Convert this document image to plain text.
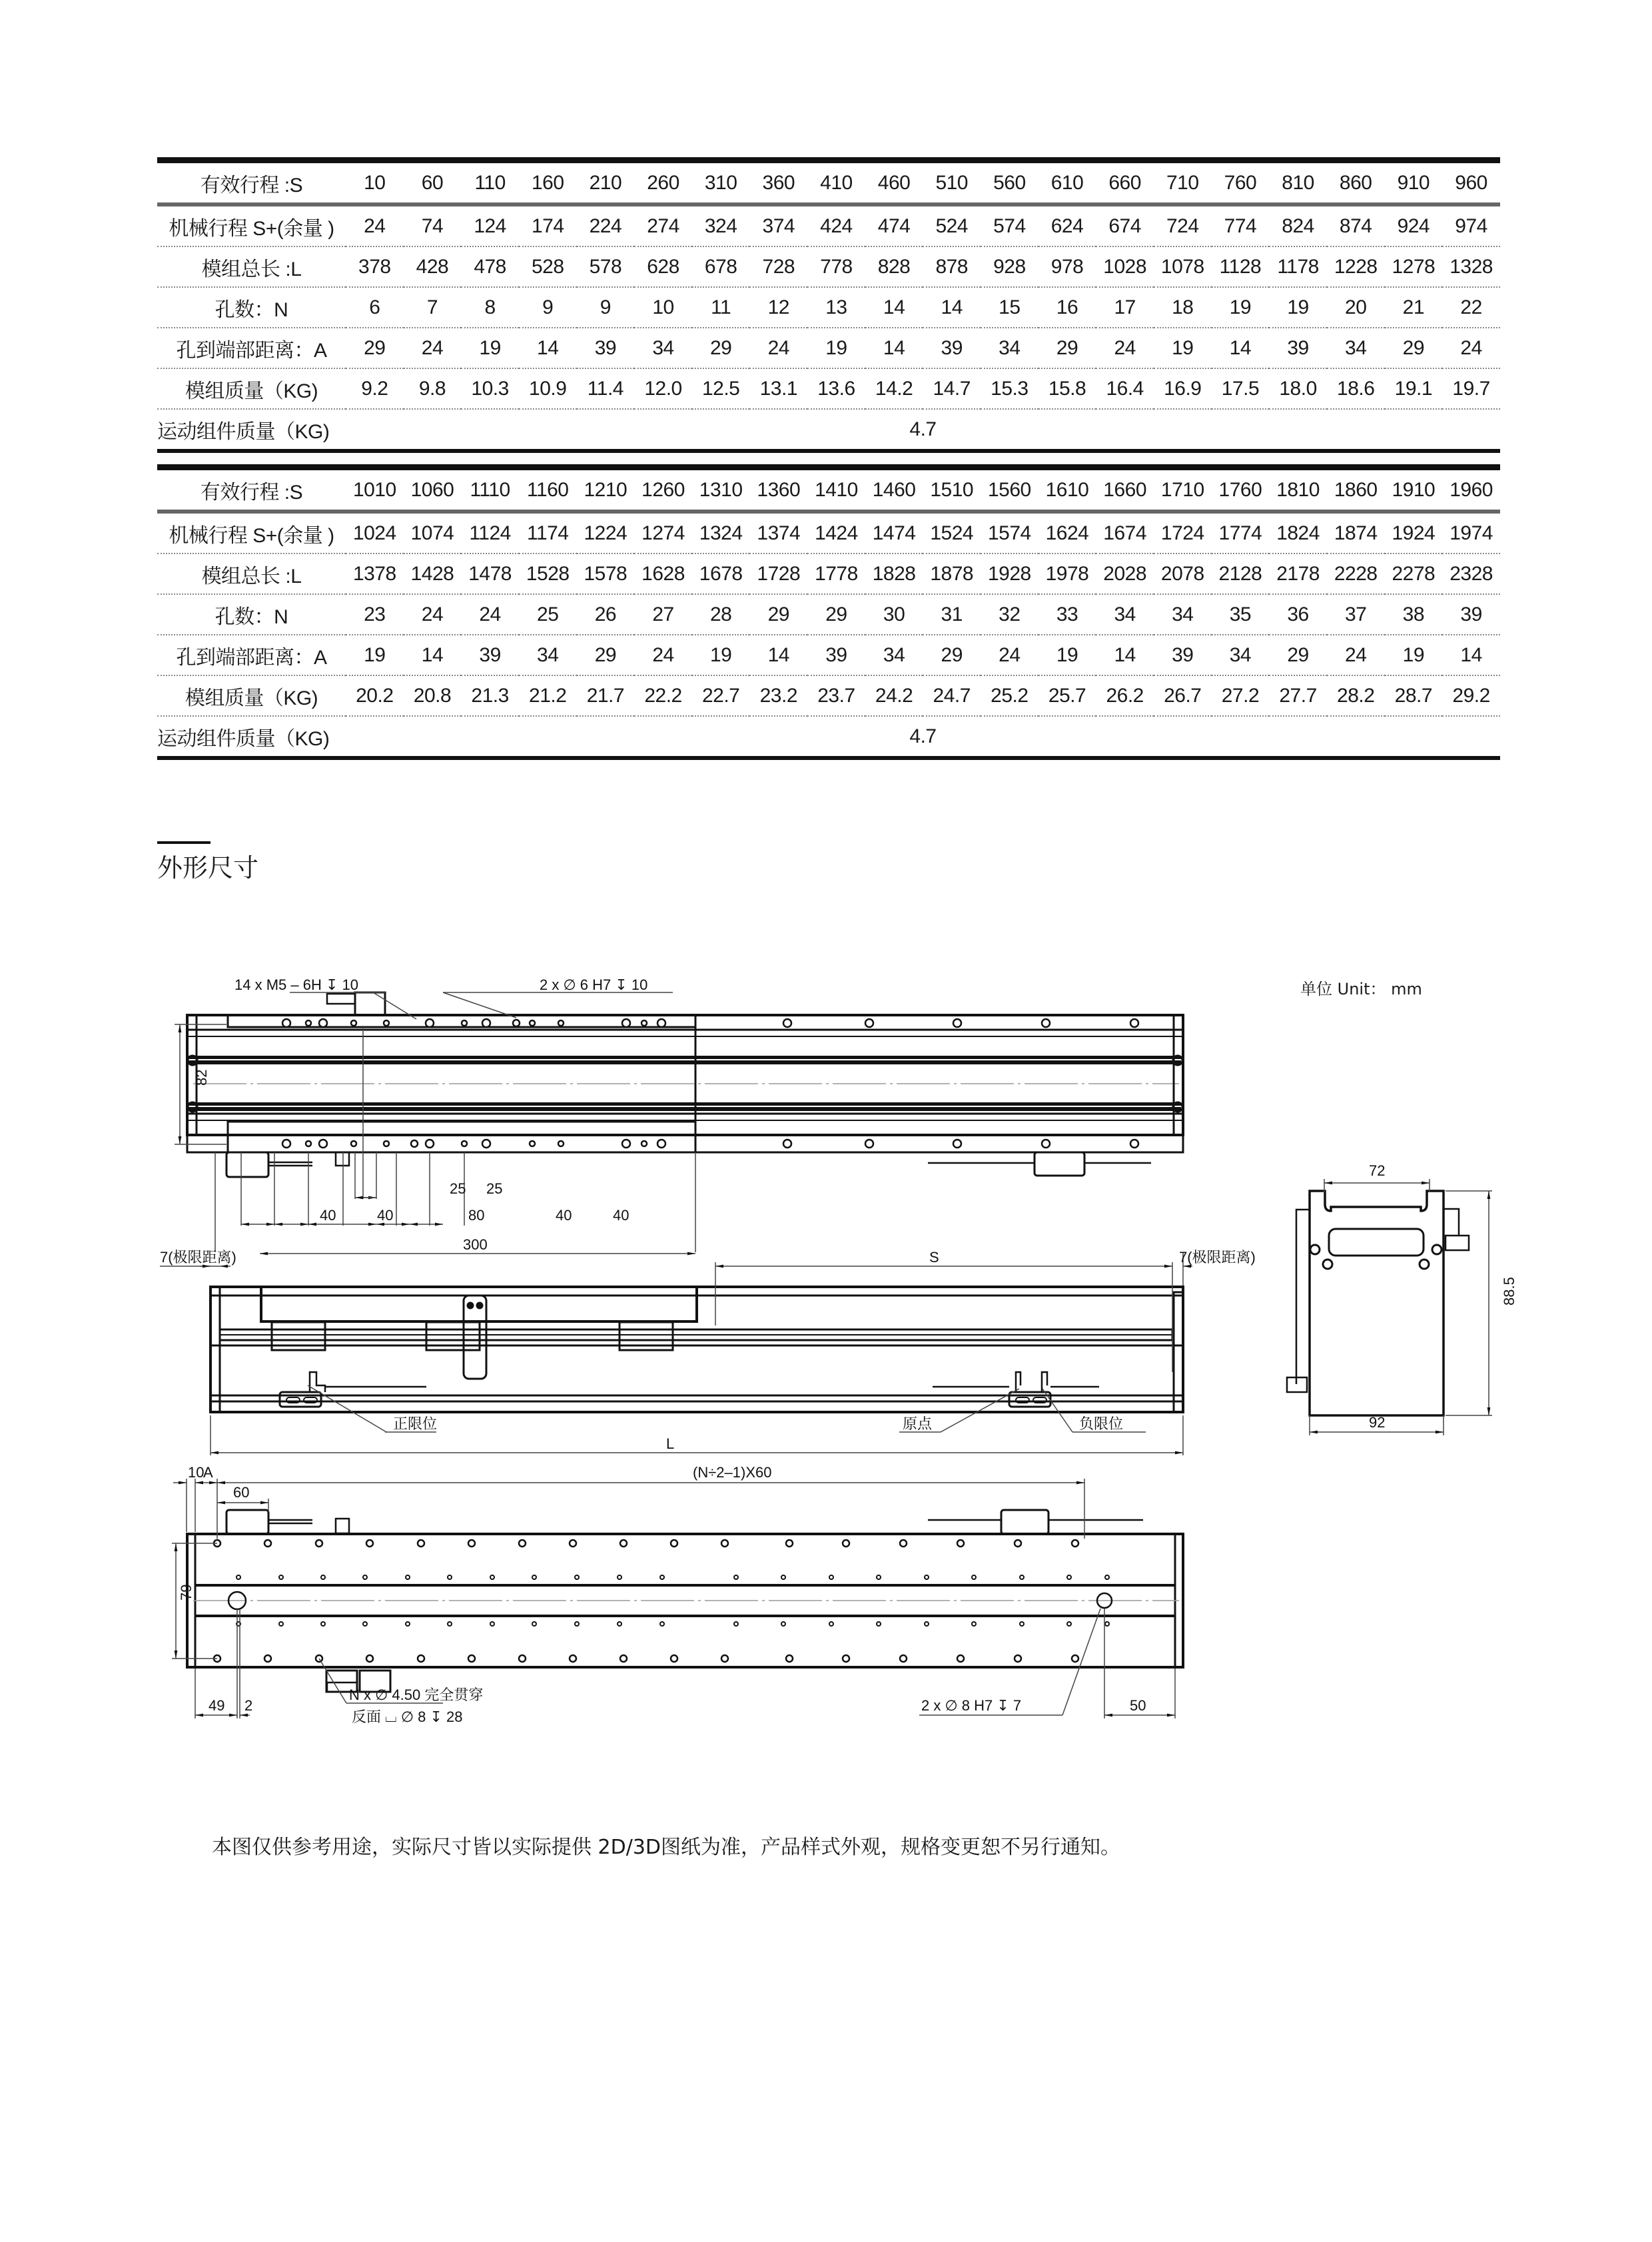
有效行程 :S	10	60	110	160	210	260	310	360	410	460	510	560	610	660	710	760	810	860	910	960
机械行程 S+(余量 )	24	74	124	174	224	274	324	374	424	474	524	574	624	674	724	774	824	874	924	974
模组总长 :L	378	428	478	528	578	628	678	728	778	828	878	928	978	1028	1078	1128	1178	1228	1278	1328
孔数：N	6	7	8	9	9	10	11	12	13	14	14	15	16	17	18	19	19	20	21	22
孔到端部距离：A	29	24	19	14	39	34	29	24	19	14	39	34	29	24	19	14	39	34	29	24
模组质量（KG)	9.2	9.8	10.3	10.9	11.4	12.0	12.5	13.1	13.6	14.2	14.7	15.3	15.8	16.4	16.9	17.5	18.0	18.6	19.1	19.7
运动组件质量（KG)	4.7																			
有效行程 :S	1010	1060	1110	1160	1210	1260	1310	1360	1410	1460	1510	1560	1610	1660	1710	1760	1810	1860	1910	1960
机械行程 S+(余量 )	1024	1074	1124	1174	1224	1274	1324	1374	1424	1474	1524	1574	1624	1674	1724	1774	1824	1874	1924	1974
模组总长 :L	1378	1428	1478	1528	1578	1628	1678	1728	1778	1828	1878	1928	1978	2028	2078	2128	2178	2228	2278	2328
孔数：N	23	24	24	25	26	27	28	29	29	30	31	32	33	34	34	35	36	37	38	39
孔到端部距离：A	19	14	39	34	29	24	19	14	39	34	29	24	19	14	39	34	29	24	19	14
模组质量（KG)	20.2	20.8	21.3	21.2	21.7	22.2	22.7	23.2	23.7	24.2	24.7	25.2	25.7	26.2	26.7	27.2	27.7	28.2	28.7	29.2
运动组件质量（KG)	4.7																			
外形尺寸
单位 Unit： mm
14 x M5 – 6H ↧ 10	2 x ∅ 6 H7 ↧ 10
82
25 25
40	40	80	40	40
300
7(极限距离)	7(极限距离)
S
L
正限位	原点	负限位
72
92
88.5
10
A	(N÷2–1)X60
60
79
49 2	50
N x ∅ 4.50 完全贯穿
反面 ⌴ ∅ 8 ↧ 28
2 x ∅ 8 H7 ↧ 7
本图仅供参考用途，实际尺寸皆以实际提供 2D/3D图纸为准，产品样式外观，规格变更恕不另行通知。
